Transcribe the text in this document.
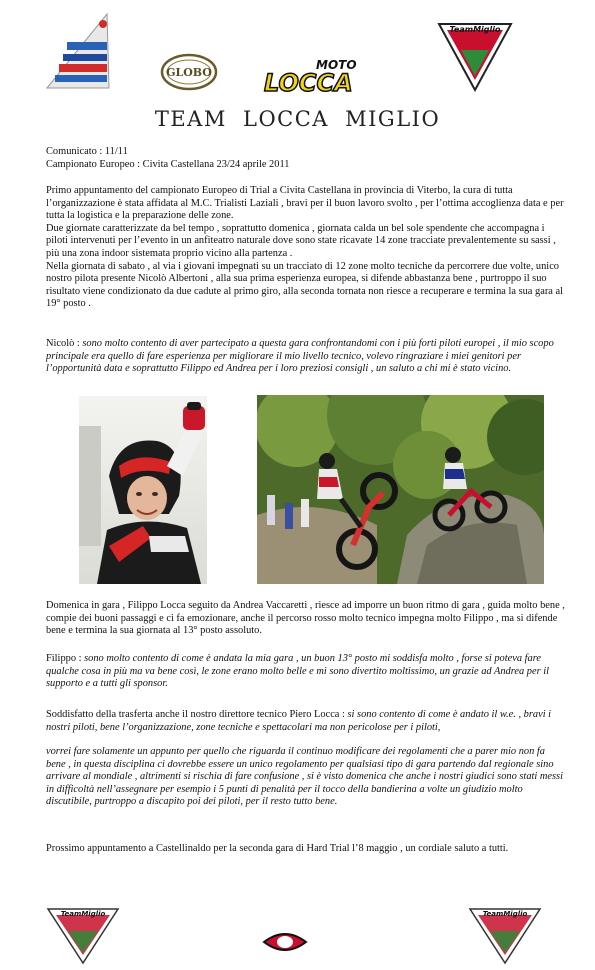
GLOBO
MOTO
LOCCA
TeamMiglio
TEAM LOCCA MIGLIO
Comunicato : 11/11
Campionato Europeo : Civita Castellana 23/24 aprile 2011

Primo appuntamento del campionato Europeo di Trial a Civita Castellana in provincia di Viterbo, la cura di tutta l’organizzazione è stata affidata al M.C. Trialisti Laziali , bravi per il buon lavoro svolto , per l’ottima accoglienza data e per tutta la logistica e la preparazione delle zone.

Due giornate caratterizzate da bel tempo , soprattutto domenica , giornata calda un bel sole spendente che accompagna i piloti intervenuti per l’evento in un anfiteatro naturale dove sono state ricavate 14 zone tracciate prevalentemente su sassi , più una zona indoor sistemata proprio vicino alla partenza .

Nella giornata di sabato , al via i giovani impegnati su un tracciato di 12 zone molto tecniche da percorrere due volte, unico nostro pilota presente Nicolò Albertoni , alla sua prima esperienza europea, si difende abbastanza bene , purtroppo il suo risultato viene condizionato da due cadute al primo giro, alla seconda tornata non riesce a recuperare e termina la sua gara al 19° posto .

Nicolò : sono molto contento di aver partecipato a questa gara confrontandomi con i più forti piloti europei , il mio scopo principale era quello di fare esperienza per migliorare il mio livello tecnico, volevo ringraziare i miei genitori per l’opportunità data e soprattutto Filippo ed Andrea per i loro preziosi consigli , un saluto a chi mi è stato vicino.
Domenica in gara , Filippo Locca seguito da Andrea Vaccaretti , riesce ad imporre un buon ritmo di gara , guida molto bene , compie dei buoni passaggi e ci fa emozionare, anche il percorso rosso molto tecnico impegna molto Filippo , ma si difende bene e termina la sua giornata al 13° posto assoluto.
Filippo : sono molto contento di come è andata la mia gara , un buon 13° posto mi soddisfa molto , forse si poteva fare qualche cosa in più ma va bene così, le zone erano molto belle e mi sono divertito moltissimo, un grazie ad Andrea per il supporto e a tutti gli sponsor.
Soddisfatto della trasferta anche il nostro direttore tecnico Piero Locca : si sono contento di come è andato il w.e. , bravi i nostri piloti, bene l’organizzazione, zone tecniche e spettacolari ma non pericolose per i piloti,
vorrei fare solamente un appunto per quello che riguarda il continuo modificare dei regolamenti che a parer mio non fa bene , in questa disciplina ci dovrebbe essere un unico regolamento per qualsiasi tipo di gara partendo dal regionale sino arrivare al mondiale , altrimenti si rischia di fare confusione , si è visto domenica che anche i nostri giudici sono stati messi in difficoltà nell’assegnare per esempio i 5 punti di penalità per il tocco della bandierina a volte un giudizio molto discutibile, purtroppo a discapito poi dei piloti, per il resto tutto bene.
Prossimo appuntamento a Castellinaldo per la seconda gara di Hard Trial l’8 maggio , un cordiale saluto a tutti.
TeamMiglio	TeamMiglio
